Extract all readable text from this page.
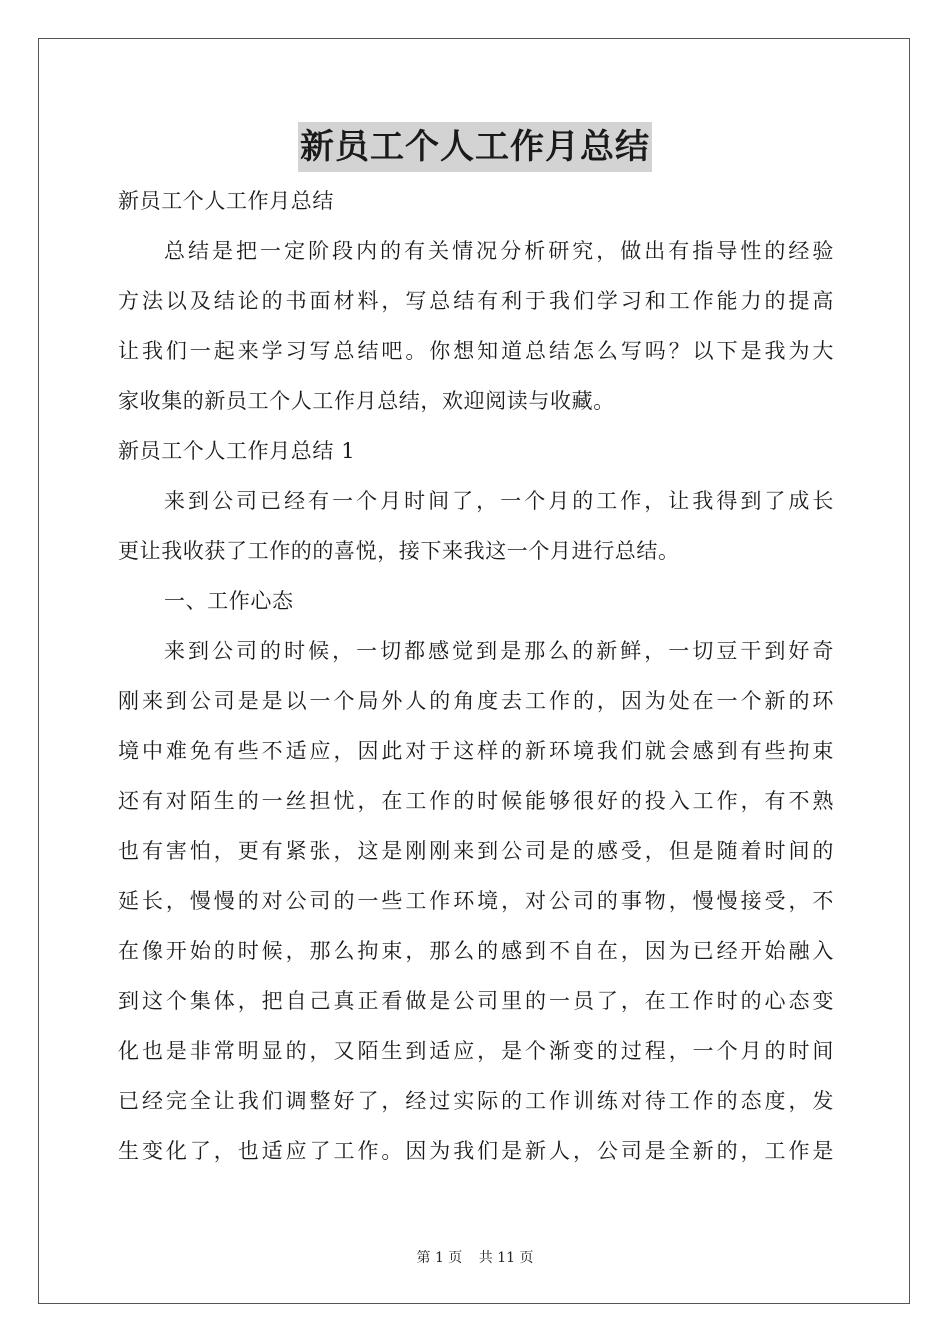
新员工个人工作月总结
新员工个人工作月总结
总结是把一定阶段内的有关情况分析研究，做出有指导性的经验
方法以及结论的书面材料，写总结有利于我们学习和工作能力的提高
让我们一起来学习写总结吧。你想知道总结怎么写吗？以下是我为大
家收集的新员工个人工作月总结，欢迎阅读与收藏。
新员工个人工作月总结 1
来到公司已经有一个月时间了，一个月的工作，让我得到了成长
更让我收获了工作的的喜悦，接下来我这一个月进行总结。
一、工作心态
来到公司的时候，一切都感觉到是那么的新鲜，一切豆干到好奇
刚来到公司是是以一个局外人的角度去工作的，因为处在一个新的环
境中难免有些不适应，因此对于这样的新环境我们就会感到有些拘束
还有对陌生的一丝担忧，在工作的时候能够很好的投入工作，有不熟
也有害怕，更有紧张，这是刚刚来到公司是的感受，但是随着时间的
延长，慢慢的对公司的一些工作环境，对公司的事物，慢慢接受，不
在像开始的时候，那么拘束，那么的感到不自在，因为已经开始融入
到这个集体，把自己真正看做是公司里的一员了，在工作时的心态变
化也是非常明显的，又陌生到适应，是个渐变的过程，一个月的时间
已经完全让我们调整好了，经过实际的工作训练对待工作的态度，发
生变化了，也适应了工作。因为我们是新人，公司是全新的，工作是
第 1 页 共 11 页
